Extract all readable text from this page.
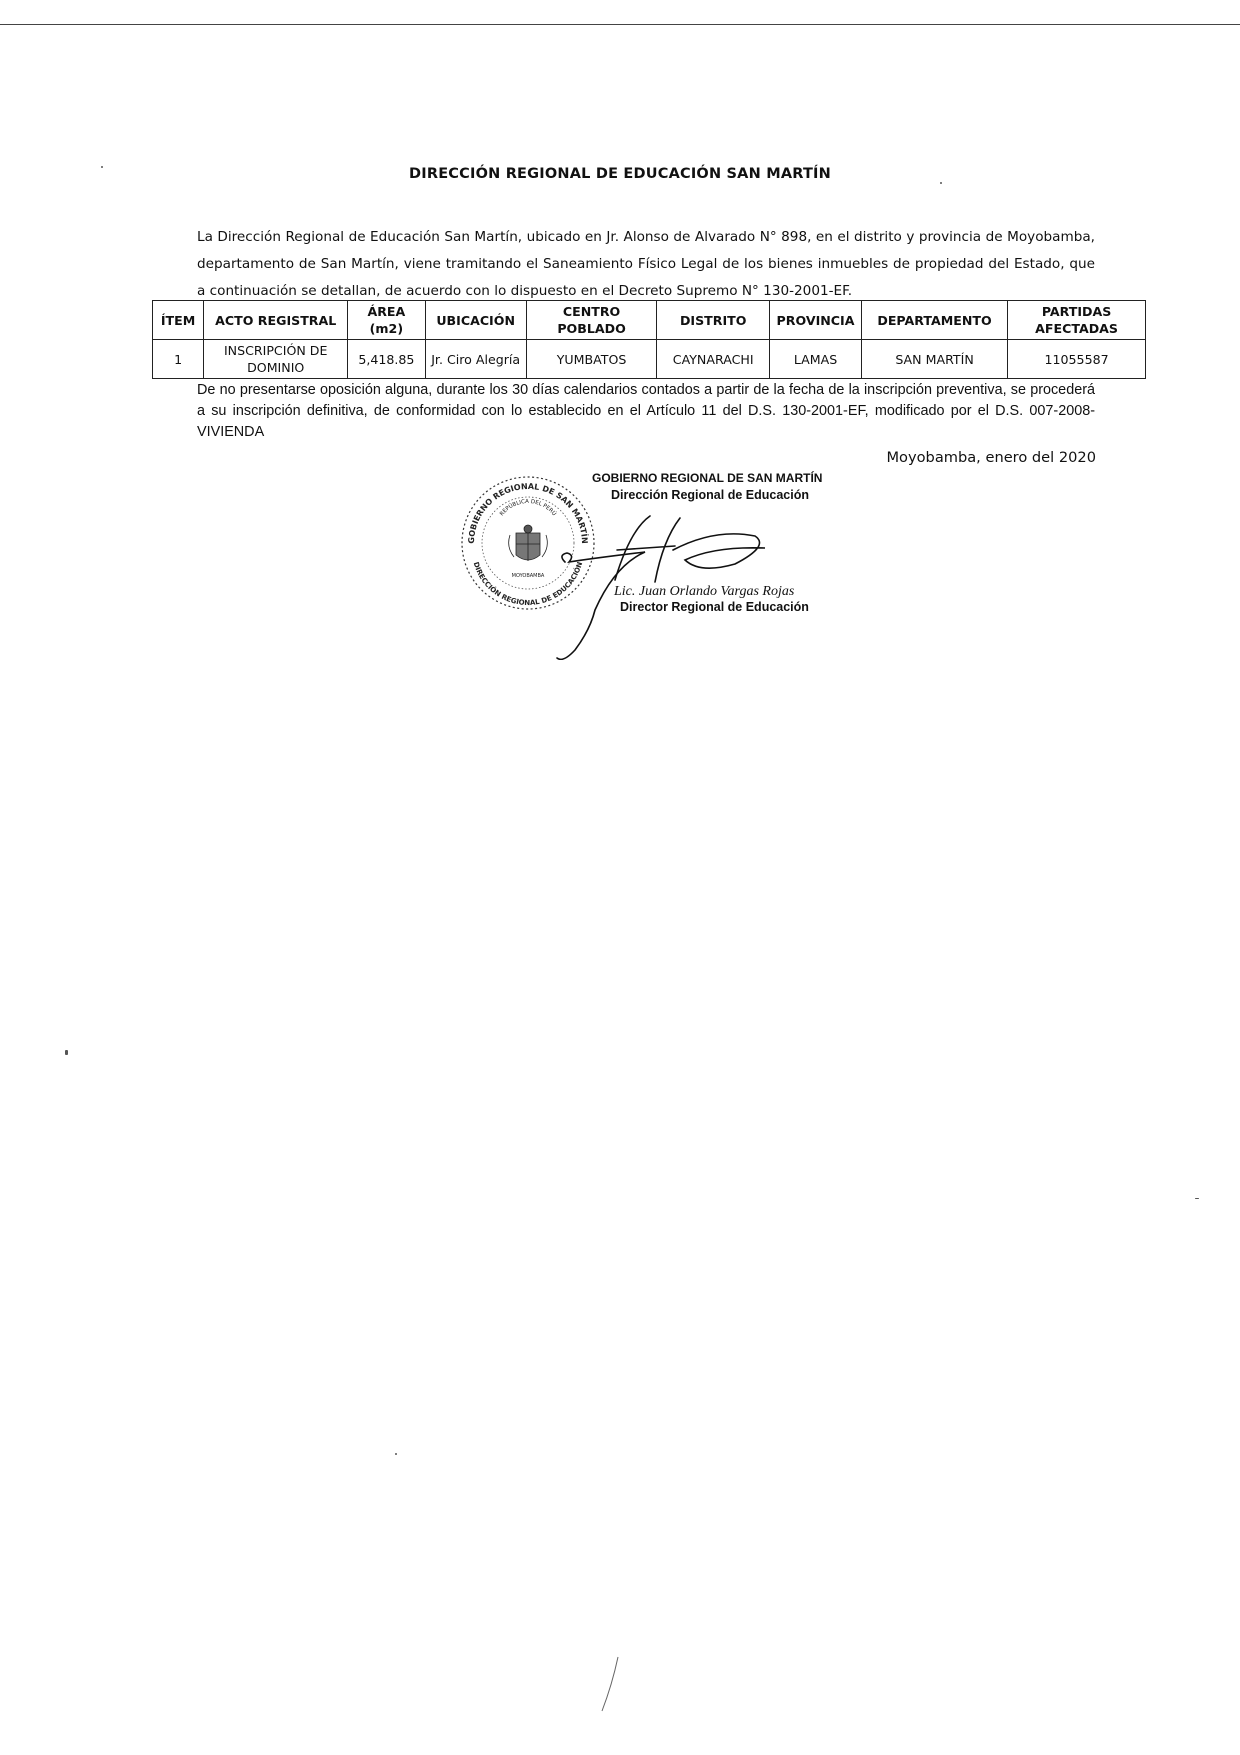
DIRECCIÓN REGIONAL DE EDUCACIÓN SAN MARTÍN
La Dirección Regional de Educación San Martín, ubicado en Jr. Alonso de Alvarado N° 898, en el distrito y provincia de Moyobamba, departamento de San Martín, viene tramitando el Saneamiento Físico Legal de los bienes inmuebles de propiedad del Estado, que a continuación se detallan, de acuerdo con lo dispuesto en el Decreto Supremo N° 130-2001-EF.
ÍTEM	ACTO REGISTRAL	ÁREA (m2)	UBICACIÓN	CENTRO POBLADO	DISTRITO	PROVINCIA	DEPARTAMENTO	PARTIDAS AFECTADAS
1	INSCRIPCIÓN DE DOMINIO	5,418.85	Jr. Ciro Alegría	YUMBATOS	CAYNARACHI	LAMAS	SAN MARTÍN	11055587
De no presentarse oposición alguna, durante los 30 días calendarios contados a partir de la fecha de la inscripción preventiva, se procederá a su inscripción definitiva, de conformidad con lo establecido en el Artículo 11 del D.S. 130-2001-EF, modificado por el D.S. 007-2008-VIVIENDA
Moyobamba, enero del 2020
GOBIERNO REGIONAL DE SAN MARTÍN
REPÚBLICA DEL PERÚ
DIRECCIÓN REGIONAL DE EDUCACIÓN
MOYOBAMBA
GOBIERNO REGIONAL DE SAN MARTÍN
Dirección Regional de Educación
Lic. Juan Orlando Vargas Rojas
Director Regional de Educación
